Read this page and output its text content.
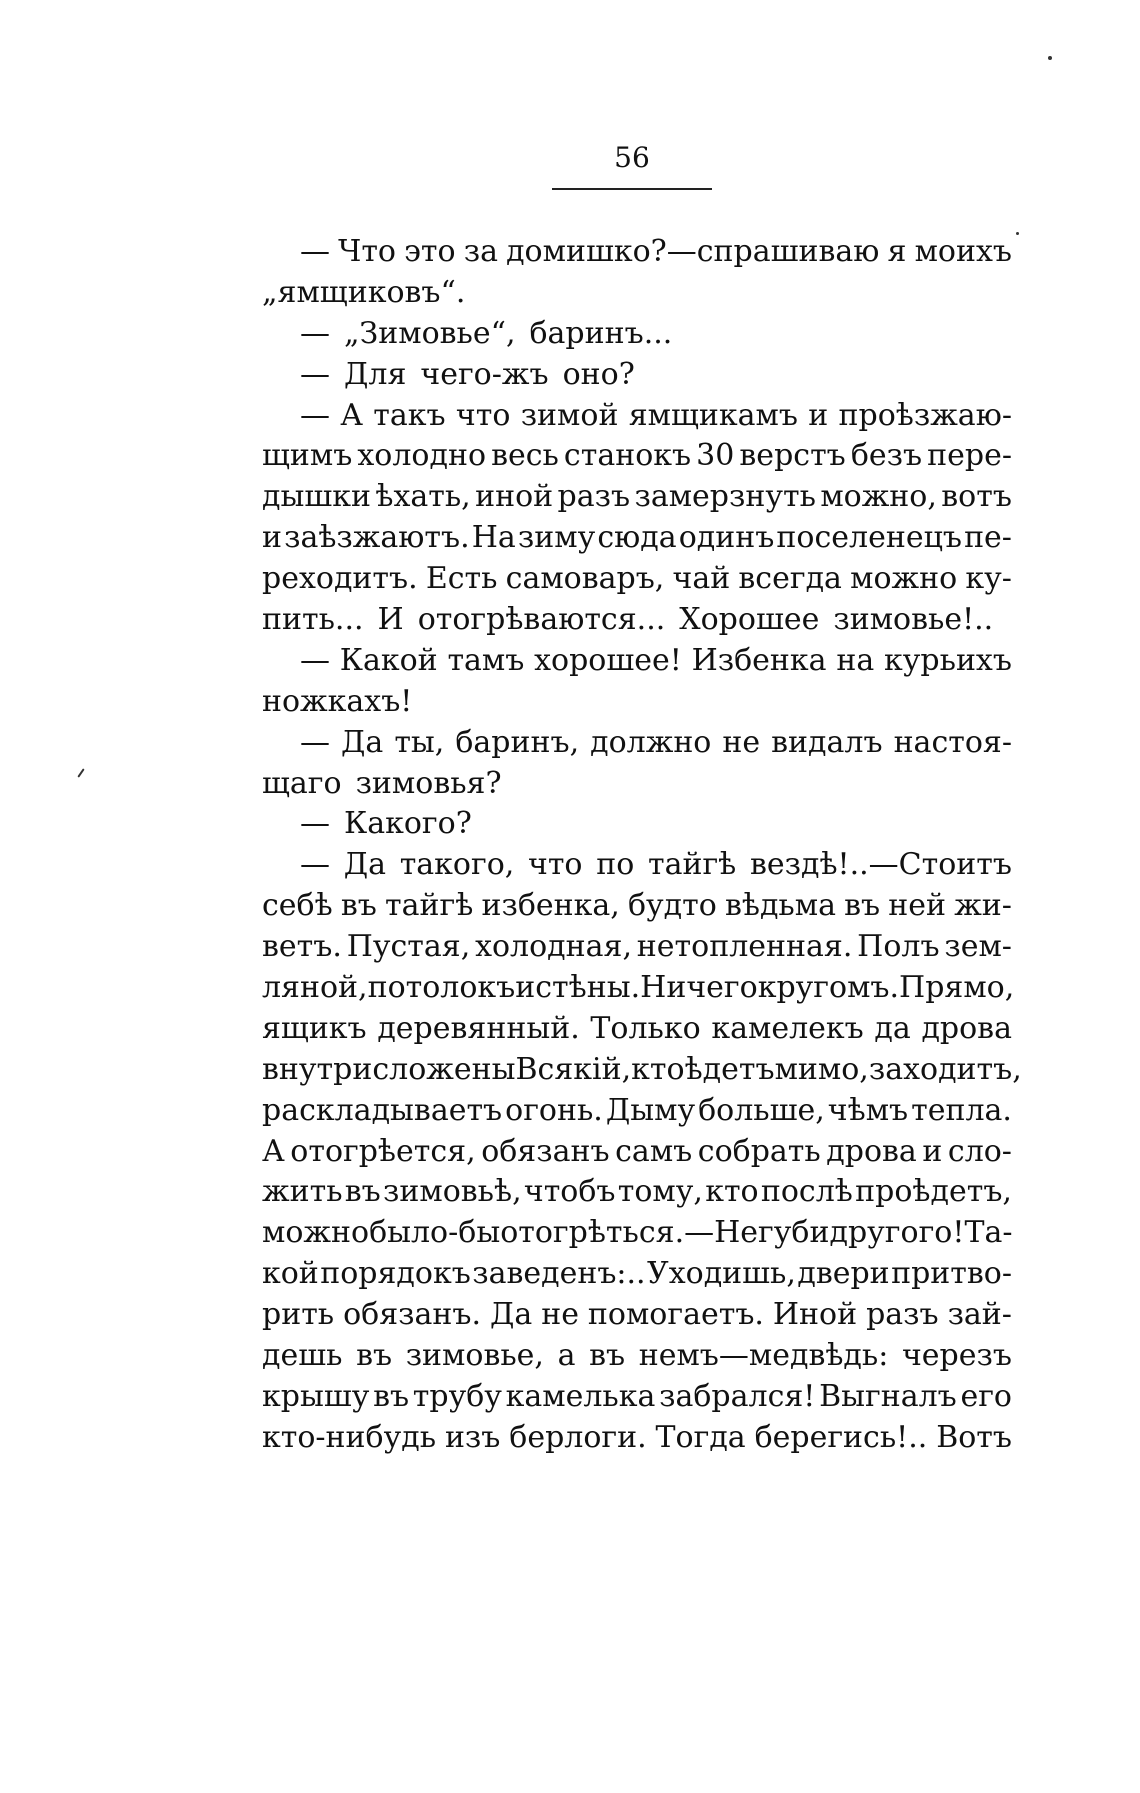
56
— Что это за домишко?—спрашиваю я моихъ
„ямщиковъ“.
— „Зимовье“, баринъ...
— Для чего-жъ оно?
— А такъ что зимой ямщикамъ и проѣзжаю-
щимъ холодно весь станокъ 30 верстъ безъ пере-
дышки ѣхать, иной разъ замерзнуть можно, вотъ
и заѣзжаютъ. На зиму сюда одинъ поселенецъ пе-
реходитъ. Есть самоваръ, чай всегда можно ку-
пить... И отогрѣваются... Хорошее зимовье!..
— Какой тамъ хорошее! Избенка на курьихъ
ножкахъ!
— Да ты, баринъ, должно не видалъ настоя-
щаго зимовья?
— Какого?
— Да такого, что по тайгѣ вездѣ!..—Стоитъ
себѣ въ тайгѣ избенка, будто вѣдьма въ ней жи-
ветъ. Пустая, холодная, нетопленная. Полъ зем-
ляной, потолокъ и стѣны. Ничего кругомъ. Прямо,
ящикъ деревянный. Только камелекъ да дрова
внутри сложены Всякій, кто ѣдетъ мимо, заходитъ,
раскладываетъ огонь. Дыму больше, чѣмъ тепла.
А отогрѣется, обязанъ самъ собрать дрова и сло-
жить въ зимовьѣ, чтобъ тому, кто послѣ проѣдетъ,
можно было-бы отогрѣться.—Не губи другого! Та-
кой порядокъ заведенъ:.. Уходишь, двери притво-
рить обязанъ. Да не помогаетъ. Иной разъ зай-
дешь въ зимовье, а въ немъ—медвѣдь: черезъ
крышу въ трубу камелька забрался! Выгналъ его
кто-нибудь изъ берлоги. Тогда берегись!.. Вотъ
